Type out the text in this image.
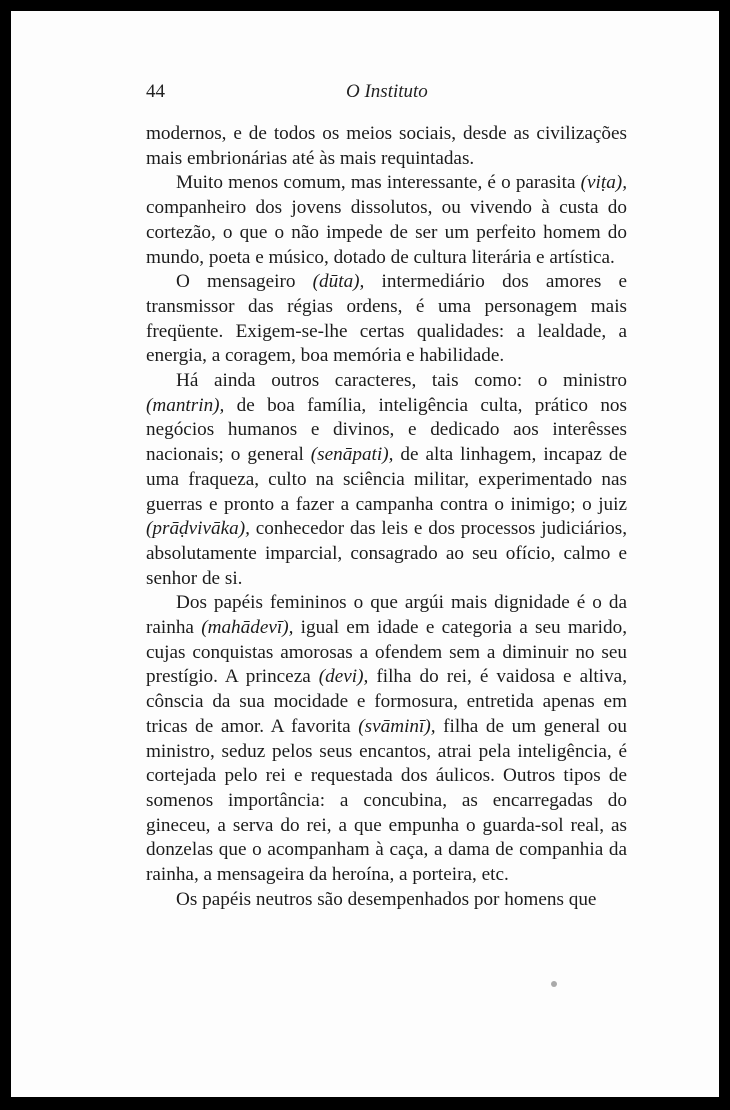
44	O Instituto

modernos, e de todos os meios sociais, desde as civilizações mais embrionárias até às mais requintadas.

Muito menos comum, mas interessante, é o parasita (viṭa), companheiro dos jovens dissolutos, ou vivendo à custa do cortezão, o que o não impede de ser um perfeito homem do mundo, poeta e músico, dotado de cultura literária e artística.

O mensageiro (dūta), intermediário dos amores e transmissor das régias ordens, é uma personagem mais freqüente. Exigem-se-lhe certas qualidades: a lealdade, a energia, a coragem, boa memória e habilidade.

Há ainda outros caracteres, tais como: o ministro (mantrin), de boa família, inteligência culta, prático nos negócios humanos e divinos, e dedicado aos interêsses nacionais; o general (senāpati), de alta linhagem, incapaz de uma fraqueza, culto na sciência militar, experimentado nas guerras e pronto a fazer a campanha contra o inimigo; o juiz (prāḍvivāka), conhecedor das leis e dos processos judiciários, absolutamente imparcial, consagrado ao seu ofício, calmo e senhor de si.

Dos papéis femininos o que argúi mais dignidade é o da rainha (mahādevī), igual em idade e categoria a seu marido, cujas conquistas amorosas a ofendem sem a diminuir no seu prestígio. A princeza (devi), filha do rei, é vaidosa e altiva, cônscia da sua mocidade e formosura, entretida apenas em tricas de amor. A favorita (svāminī), filha de um general ou ministro, seduz pelos seus encantos, atrai pela inteligência, é cortejada pelo rei e requestada dos áulicos. Outros tipos de somenos importância: a concubina, as encarregadas do gineceu, a serva do rei, a que empunha o guarda-sol real, as donzelas que o acompanham à caça, a dama de companhia da rainha, a mensageira da heroína, a porteira, etc.

Os papéis neutros são desempenhados por homens que
